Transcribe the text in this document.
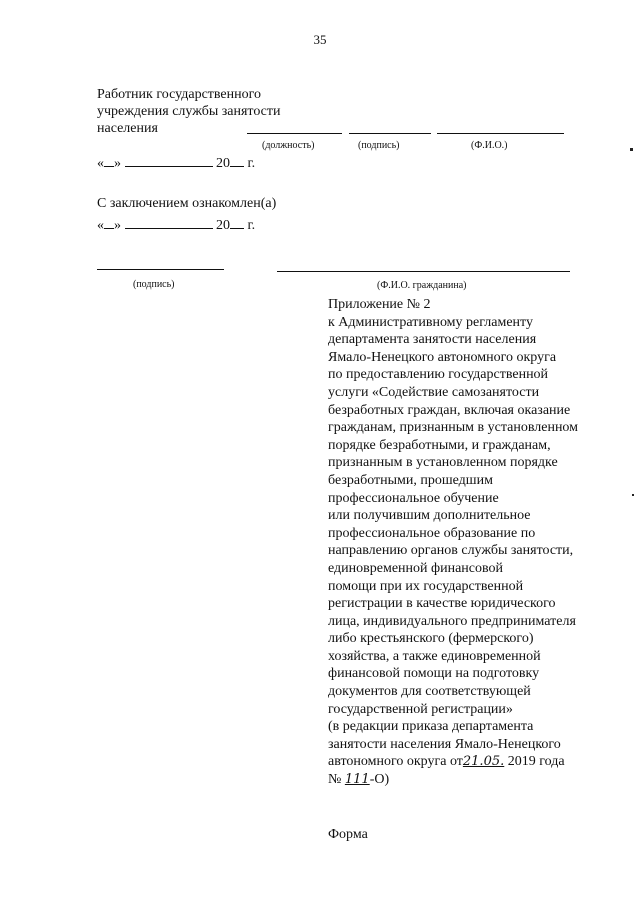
35
Работник государственного
учреждения службы занятости
населения
(должность)	(подпись)	(Ф.И.О.)
« »	20 г.
С заключением ознакомлен(а)
« »	20 г.
(подпись)	(Ф.И.О. гражданина)
Приложение № 2
к Административному регламенту
департамента занятости населения
Ямало-Ненецкого автономного округа
по предоставлению государственной
услуги «Содействие самозанятости
безработных граждан, включая оказание
гражданам, признанным в установленном
порядке безработными, и гражданам,
признанным в установленном порядке
безработными, прошедшим
профессиональное обучение
или получившим дополнительное
профессиональное образование по
направлению органов службы занятости,
единовременной финансовой
помощи при их государственной
регистрации в качестве юридического
лица, индивидуального предпринимателя
либо крестьянского (фермерского)
хозяйства, а также единовременной
финансовой помощи на подготовку
документов для соответствующей
государственной регистрации»
(в редакции приказа департамента
занятости населения Ямало-Ненецкого
автономного округа от21.05. 2019 года
№ 111-О)
Форма
